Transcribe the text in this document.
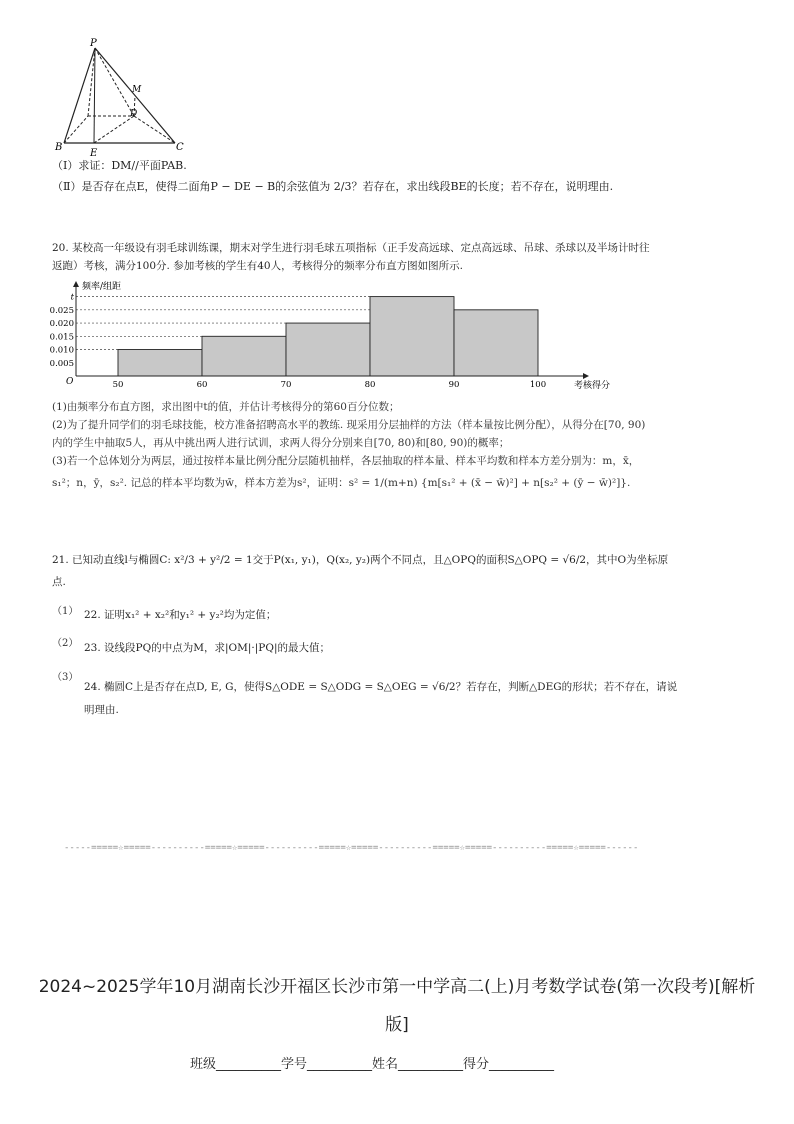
P
B
E
C
M
D
（Ⅰ）求证：DM//平面PAB.
（Ⅱ）是否存在点E，使得二面角P − DE − B的余弦值为 2/3？若存在，求出线段BE的长度；若不存在，说明理由.
20. 某校高一年级设有羽毛球训练课，期末对学生进行羽毛球五项指标（正手发高远球、定点高远球、吊球、杀球以及半场计时往
返跑）考核，满分100分. 参加考核的学生有40人，考核得分的频率分布直方图如图所示.
0.005
0.010
0.015
0.020
0.025
t
50	60	70	80	90	100
频率/组距
考核得分
O
(1)由频率分布直方图，求出图中t的值，并估计考核得分的第60百分位数；
(2)为了提升同学们的羽毛球技能，校方准备招聘高水平的教练. 现采用分层抽样的方法（样本量按比例分配），从得分在[70, 90)
内的学生中抽取5人，再从中挑出两人进行试训，求两人得分分别来自[70, 80)和[80, 90)的概率；
(3)若一个总体划分为两层，通过按样本量比例分配分层随机抽样，各层抽取的样本量、样本平均数和样本方差分别为：m，x̄，
s₁²；n，ȳ，s₂². 记总的样本平均数为w̄，样本方差为s²，证明：s² = 1/(m+n) {m[s₁² + (x̄ − w̄)²] + n[s₂² + (ȳ − w̄)²]}.
21. 已知动直线l与椭圆C: x²/3 + y²/2 = 1交于P(x₁, y₁)，Q(x₂, y₂)两个不同点，且△OPQ的面积S△OPQ = √6/2，其中O为坐标原
点.
（1） 22. 证明x₁² + x₂²和y₁² + y₂²均为定值；
（2） 23. 设线段PQ的中点为M，求|OM|·|PQ|的最大值；
（3）
24. 椭圆C上是否存在点D, E, G，使得S△ODE = S△ODG = S△OEG = √6/2？若存在，判断△DEG的形状；若不存在，请说
明理由.
-----=====☆=====----------=====☆=====----------=====☆=====----------=====☆=====----------=====☆=====------
2024~2025学年10月湖南长沙开福区长沙市第一中学高二(上)月考数学试卷(第一次段考)[解析
版]
班级__________学号__________姓名__________得分__________
